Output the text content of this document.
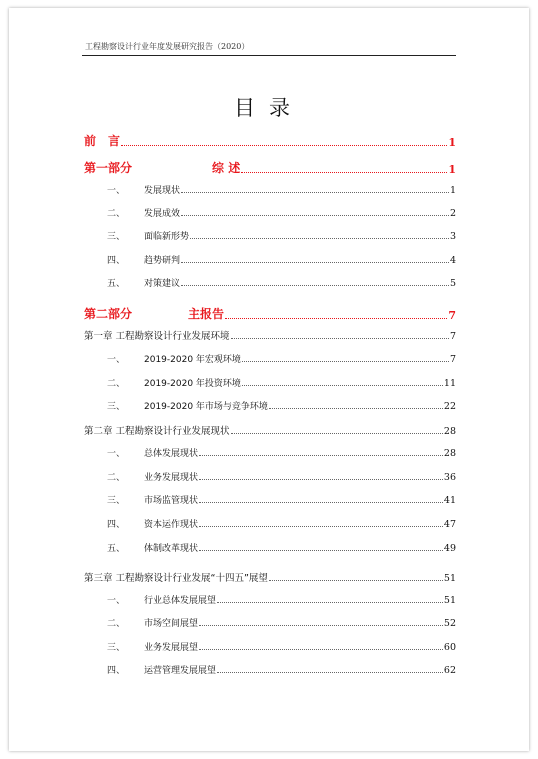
工程勘察设计行业年度发展研究报告（2020）
目录
前　言	1
第一部分	综 述	1
一、	发展现状	1
二、	发展成效	2
三、	面临新形势	3
四、	趋势研判	4
五、	对策建议	5
第二部分	主报告	7
第一章 工程勘察设计行业发展环境	7
一、	2019-2020 年宏观环境	7
二、	2019-2020 年投资环境	11
三、	2019-2020 年市场与竞争环境	22
第二章 工程勘察设计行业发展现状	28
一、	总体发展现状	28
二、	业务发展现状	36
三、	市场监管现状	41
四、	资本运作现状	47
五、	体制改革现状	49
第三章 工程勘察设计行业发展“十四五”展望	51
一、	行业总体发展展望	51
二、	市场空间展望	52
三、	业务发展展望	60
四、	运营管理发展展望	62
